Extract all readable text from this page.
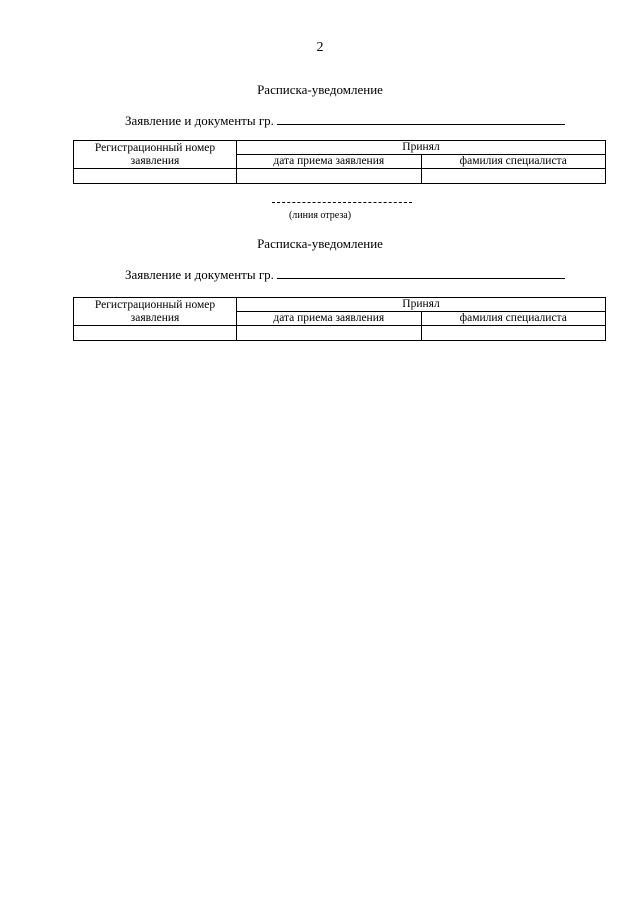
2
Расписка-уведомление
Заявление и документы гр.
Регистрационный номер заявления	Принял	
	дата приема заявления	фамилия специалиста

(линия отреза)
Расписка-уведомление
Заявление и документы гр.
Регистрационный номер заявления	Принял	
	дата приема заявления	фамилия специалиста
